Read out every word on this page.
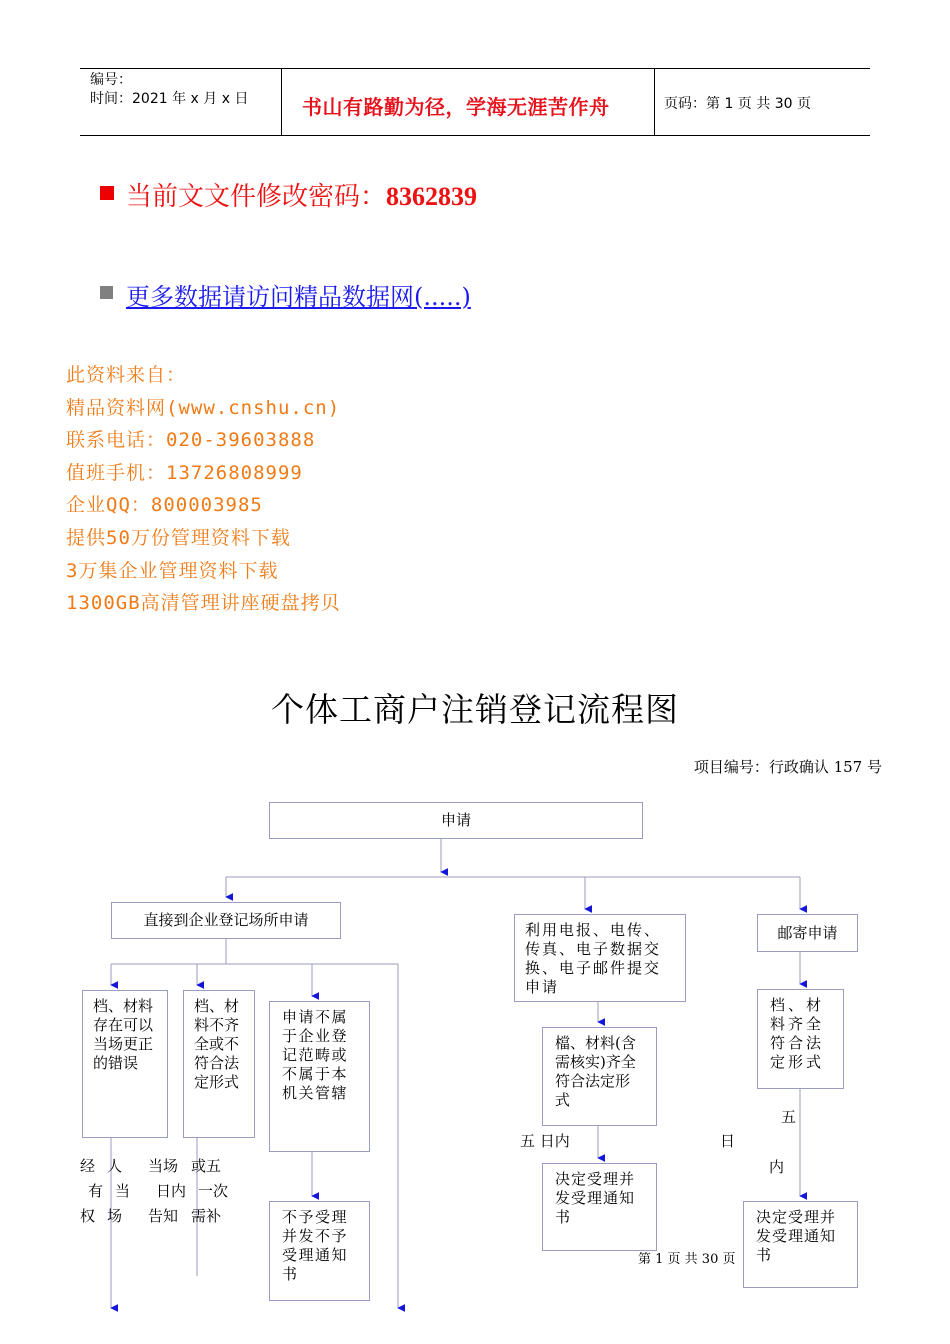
编号：
时间：2021 年 x 月 x 日	书山有路勤为径，学海无涯苦作舟	页码：第 1 页 共 30 页
当前文文件修改密码：8362839
更多数据请访问精品数据网(.....)
此资料来自：
精品资料网(www.cnshu.cn)
联系电话：020-39603888
值班手机：13726808999
企业QQ：800003985
提供50万份管理资料下载
3万集企业管理资料下载
1300GB高清管理讲座硬盘拷贝
个体工商户注销登记流程图
项目编号：行政确认 157 号
申请
直接到企业登记场所申请
利用电报、电传、传真、电子数据交换、电子邮件提交申请
邮寄申请
档、材料存在可以当场更正的错误
档、材料不齐全或不符合法定形式
申请不属于企业登记范畴或不属于本机关管辖
不予受理并发不予受理通知书
檔、材料(含需核实)齐全符合法定形式
决定受理并发受理通知书
档、材料齐全符合法定形式
决定受理并发受理通知书
经 人
有 当
权 场
当场
日内
告知
或五
一次
需补
五 日内	日
五
内
第 1 页 共 30 页
